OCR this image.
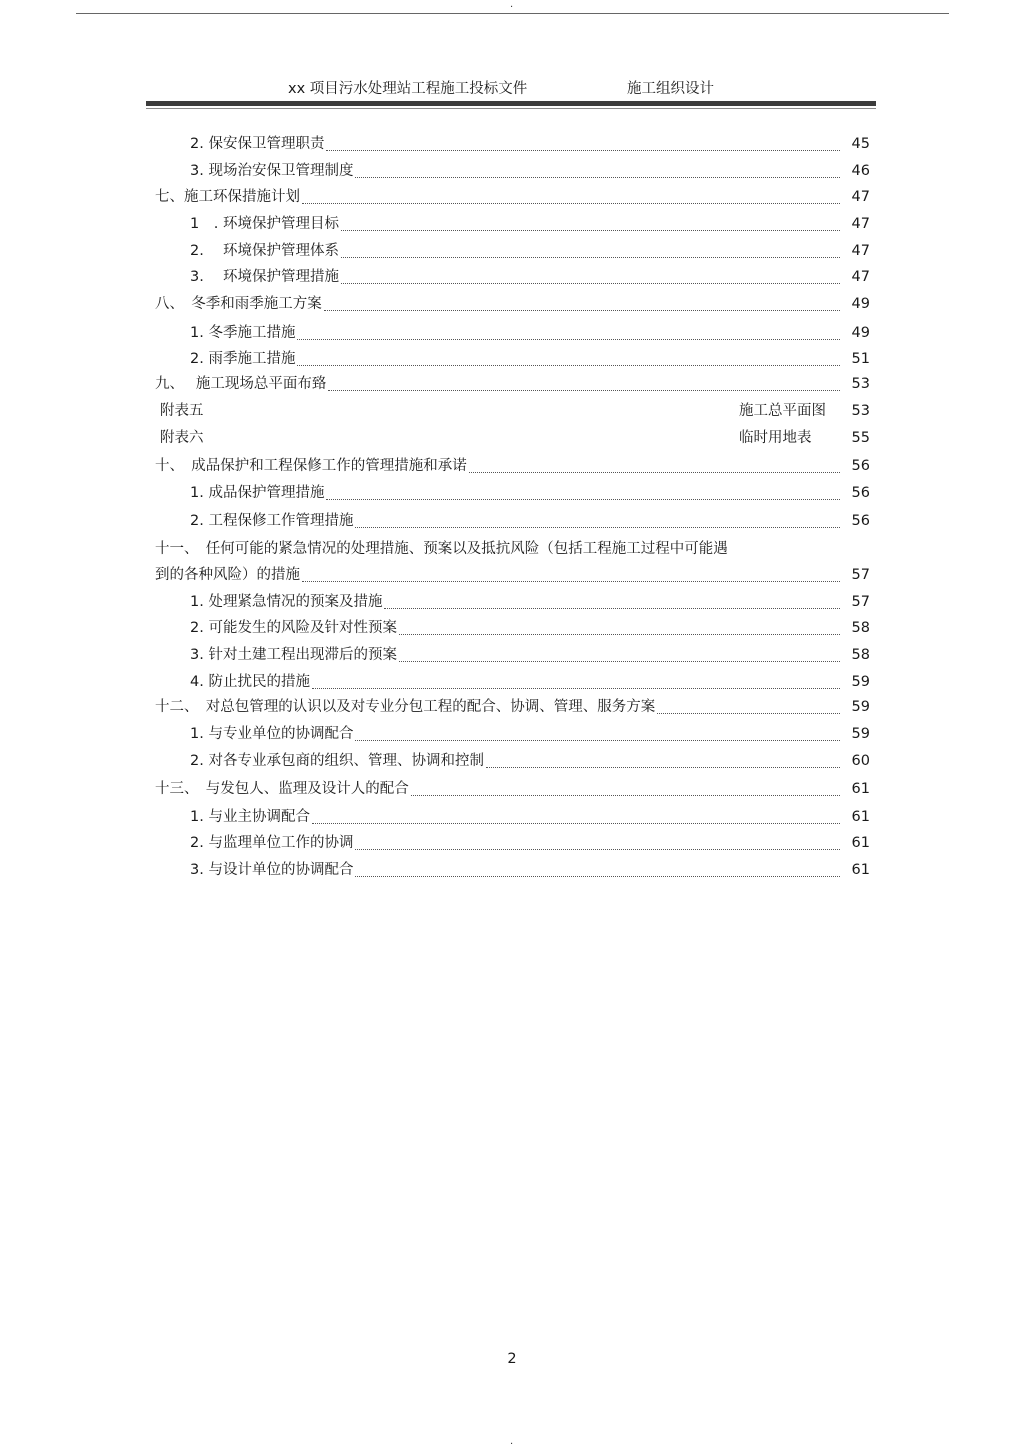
.
xx 项目污水处理站工程施工投标文件	施工组织设计
2. 保安保卫管理职责	45
3. 现场治安保卫管理制度	46
七、施工环保措施计划	47
1　. 环境保护管理目标	47
2.　 环境保护管理体系	47
3.　 环境保护管理措施	47
八、　冬季和雨季施工方案	49
1. 冬季施工措施	49
2. 雨季施工措施	51
九、　 施工现场总平面布臵	53
附表五	施工总平面图 53
附表六	临时用地表	55
十、　成品保护和工程保修工作的管理措施和承诺	56
1. 成品保护管理措施	56
2. 工程保修工作管理措施	56
十一、　任何可能的紧急情况的处理措施、预案以及抵抗风险（包括工程施工过程中可能遇
到的各种风险）的措施	57
1. 处理紧急情况的预案及措施	57
2. 可能发生的风险及针对性预案	58
3. 针对土建工程出现滞后的预案	58
4. 防止扰民的措施	59
十二、　对总包管理的认识以及对专业分包工程的配合、协调、管理、服务方案	59
1. 与专业单位的协调配合	59
2. 对各专业承包商的组织、管理、协调和控制	60
十三、　与发包人、监理及设计人的配合	61
1. 与业主协调配合	61
2. 与监理单位工作的协调	61
3. 与设计单位的协调配合	61
2
.
